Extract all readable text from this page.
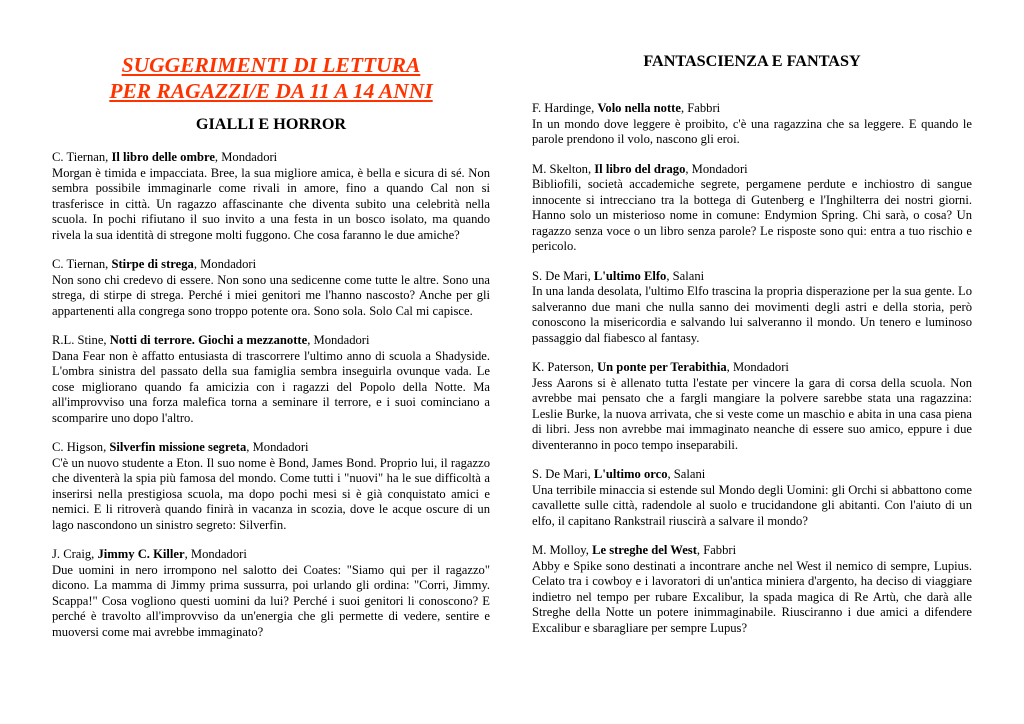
SUGGERIMENTI DI LETTURA
PER RAGAZZI/E DA 11 A 14 ANNI
GIALLI E HORROR
C. Tiernan, Il libro delle ombre, Mondadori
Morgan è timida e impacciata. Bree, la sua migliore amica, è bella e sicura di sé. Non sembra possibile immaginarle come rivali in amore, fino a quando Cal non si trasferisce in città. Un ragazzo affascinante che diventa subito una celebrità nella scuola. In pochi rifiutano il suo invito a una festa in un bosco isolato, ma quando rivela la sua identità di stregone molti fuggono. Che cosa faranno le due amiche?
C. Tiernan, Stirpe di strega, Mondadori
Non sono chi credevo di essere. Non sono una sedicenne come tutte le altre. Sono una strega, di stirpe di strega. Perché i miei genitori me l'hanno nascosto? Anche per gli appartenenti alla congrega sono troppo potente ora. Sono sola. Solo Cal mi capisce.
R.L. Stine, Notti di terrore. Giochi a mezzanotte, Mondadori
Dana Fear non è affatto entusiasta di trascorrere l'ultimo anno di scuola a Shadyside. L'ombra sinistra del passato della sua famiglia sembra inseguirla ovunque vada. Le cose migliorano quando fa amicizia con i ragazzi del Popolo della Notte. Ma all'improvviso una forza malefica torna a seminare il terrore, e i suoi cominciano a scomparire uno dopo l'altro.
C. Higson, Silverfin missione segreta, Mondadori
C'è un nuovo studente a Eton. Il suo nome è Bond, James Bond. Proprio lui, il ragazzo che diventerà la spia più famosa del mondo. Come tutti i "nuovi" ha le sue difficoltà a inserirsi nella prestigiosa scuola, ma dopo pochi mesi si è già conquistato amici e nemici. E li ritroverà quando finirà in vacanza in scozia, dove le acque oscure di un lago nascondono un sinistro segreto: Silverfin.
J. Craig, Jimmy C. Killer, Mondadori
Due uomini in nero irrompono nel salotto dei Coates: "Siamo qui per il ragazzo" dicono. La mamma di Jimmy prima sussurra, poi urlando gli ordina: "Corri, Jimmy. Scappa!" Cosa vogliono questi uomini da lui? Perché i suoi genitori li conoscono? E perché è travolto all'improvviso da un'energia che gli permette di vedere, sentire e muoversi come mai avrebbe immaginato?
FANTASCIENZA E FANTASY
F. Hardinge, Volo nella notte, Fabbri
In un mondo dove leggere è proibito, c'è una ragazzina che sa leggere. E quando le parole prendono il volo, nascono gli eroi.
M. Skelton, Il libro del drago, Mondadori
Bibliofili, società accademiche segrete, pergamene perdute e inchiostro di sangue innocente si intrecciano tra la bottega di Gutenberg e l'Inghilterra dei nostri giorni. Hanno solo un misterioso nome in comune: Endymion Spring. Chi sarà, o cosa? Un ragazzo senza voce o un libro senza parole? Le risposte sono qui: entra a tuo rischio e pericolo.
S. De Mari, L'ultimo Elfo, Salani
In una landa desolata, l'ultimo Elfo trascina la propria disperazione per la sua gente. Lo salveranno due mani che nulla sanno dei movimenti degli astri e della storia, però conoscono la misericordia e salvando lui salveranno il mondo. Un tenero e luminoso passaggio dal fiabesco al fantasy.
K. Paterson, Un ponte per Terabithia, Mondadori
Jess Aarons si è allenato tutta l'estate per vincere la gara di corsa della scuola. Non avrebbe mai pensato che a fargli mangiare la polvere sarebbe stata una ragazzina: Leslie Burke, la nuova arrivata, che si veste come un maschio e abita in una casa piena di libri. Jess non avrebbe mai immaginato neanche di essere suo amico, eppure i due diventeranno in poco tempo inseparabili.
S. De Mari, L'ultimo orco, Salani
Una terribile minaccia si estende sul Mondo degli Uomini: gli Orchi si abbattono come cavallette sulle città, radendole al suolo e trucidandone gli abitanti. Con l'aiuto di un elfo, il capitano Rankstrail riuscirà a salvare il mondo?
M. Molloy, Le streghe del West, Fabbri
Abby e Spike sono destinati a incontrare anche nel West il nemico di sempre, Lupius. Celato tra i cowboy e i lavoratori di un'antica miniera d'argento, ha deciso di viaggiare indietro nel tempo per rubare Excalibur, la spada magica di Re Artù, che darà alle Streghe della Notte un potere inimmaginabile. Riusciranno i due amici a difendere Excalibur e sbaragliare per sempre Lupus?
